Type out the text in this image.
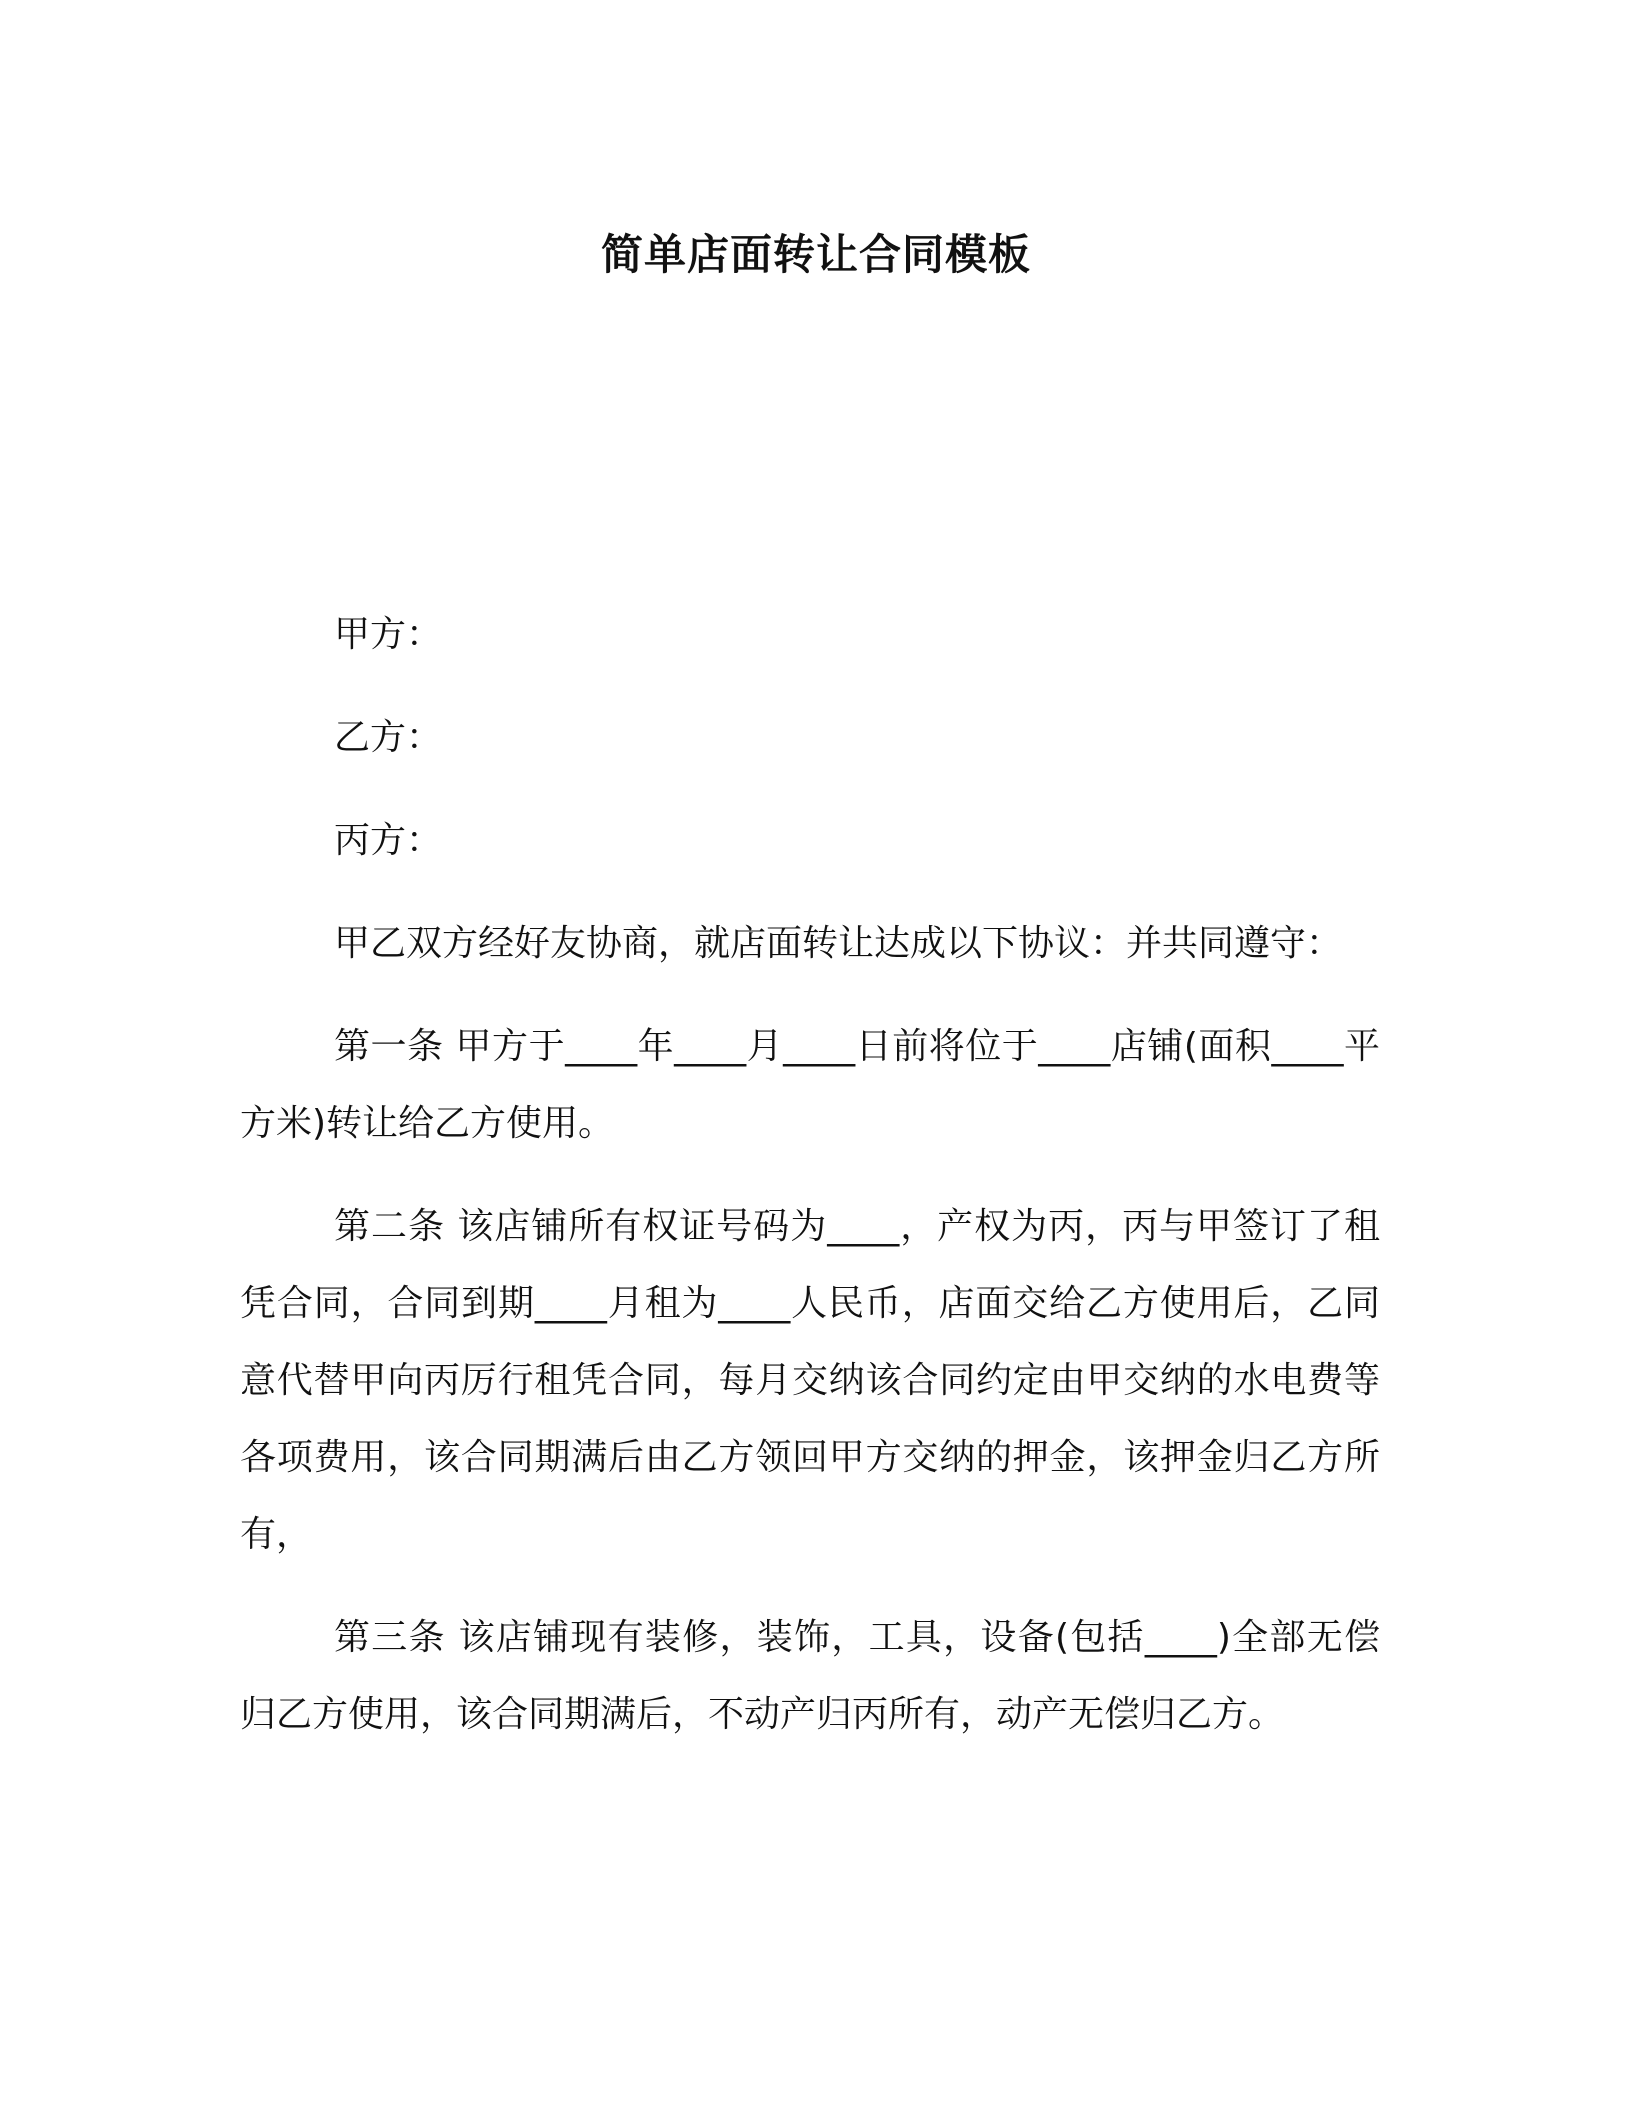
简单店面转让合同模板

甲方：

乙方：

丙方：

甲乙双方经好友协商，就店面转让达成以下协议：并共同遵守：

第一条 甲方于____年____月____日前将位于____店铺(面积____平方米)转让给乙方使用。

第二条 该店铺所有权证号码为____，产权为丙，丙与甲签订了租凭合同，合同到期____月租为____人民币，店面交给乙方使用后，乙同意代替甲向丙厉行租凭合同，每月交纳该合同约定由甲交纳的水电费等各项费用，该合同期满后由乙方领回甲方交纳的押金，该押金归乙方所有，

第三条 该店铺现有装修，装饰，工具，设备(包括____)全部无偿归乙方使用，该合同期满后，不动产归丙所有，动产无偿归乙方。
